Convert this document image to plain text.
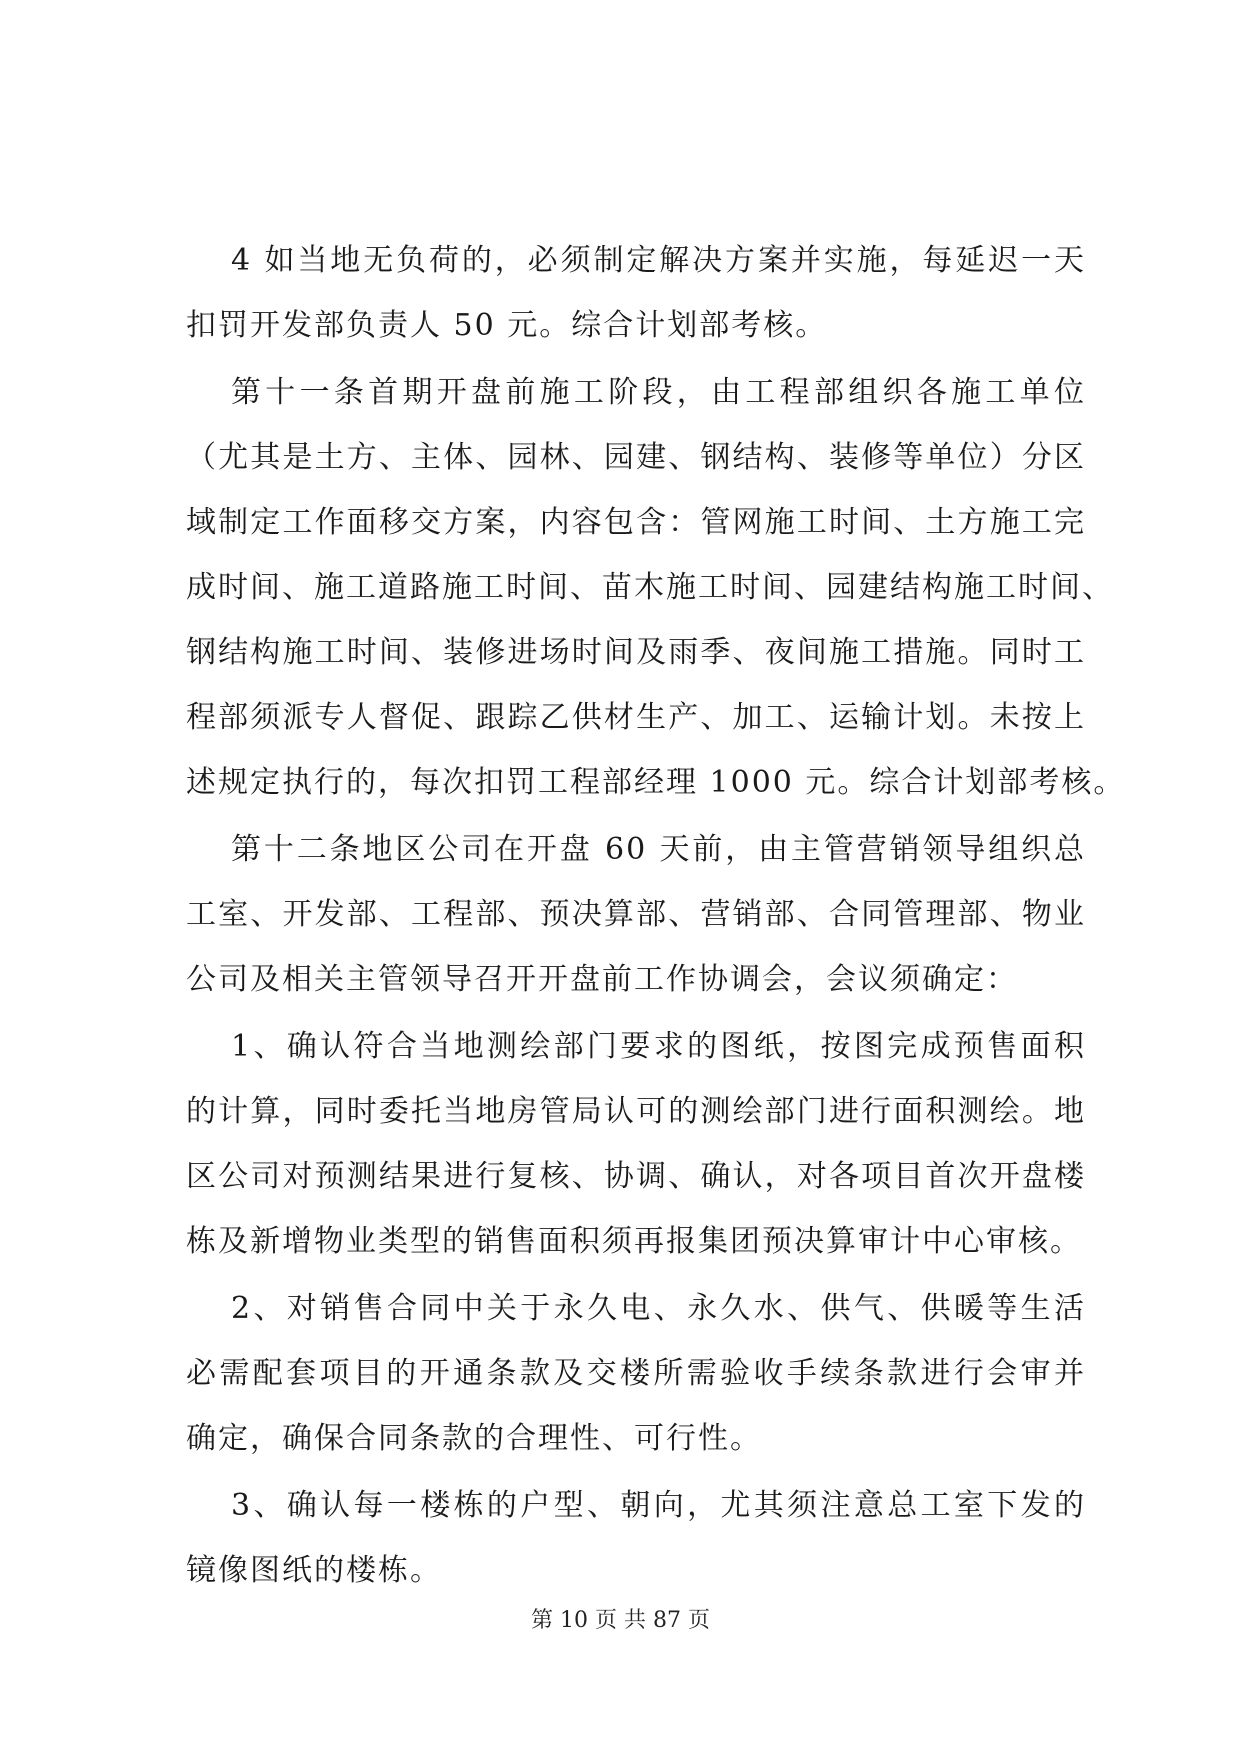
4 如当地无负荷的，必须制定解决方案并实施，每延迟一天
扣罚开发部负责人 50 元。综合计划部考核。
第十一条首期开盘前施工阶段，由工程部组织各施工单位
（尤其是土方、主体、园林、园建、钢结构、装修等单位）分区
域制定工作面移交方案，内容包含：管网施工时间、土方施工完
成时间、施工道路施工时间、苗木施工时间、园建结构施工时间、
钢结构施工时间、装修进场时间及雨季、夜间施工措施。同时工
程部须派专人督促、跟踪乙供材生产、加工、运输计划。未按上
述规定执行的，每次扣罚工程部经理 1000 元。综合计划部考核。
第十二条地区公司在开盘 60 天前，由主管营销领导组织总
工室、开发部、工程部、预决算部、营销部、合同管理部、物业
公司及相关主管领导召开开盘前工作协调会，会议须确定：
1、确认符合当地测绘部门要求的图纸，按图完成预售面积
的计算，同时委托当地房管局认可的测绘部门进行面积测绘。地
区公司对预测结果进行复核、协调、确认，对各项目首次开盘楼
栋及新增物业类型的销售面积须再报集团预决算审计中心审核。
2、对销售合同中关于永久电、永久水、供气、供暖等生活
必需配套项目的开通条款及交楼所需验收手续条款进行会审并
确定，确保合同条款的合理性、可行性。
3、确认每一楼栋的户型、朝向，尤其须注意总工室下发的
镜像图纸的楼栋。
第 10 页 共 87 页
